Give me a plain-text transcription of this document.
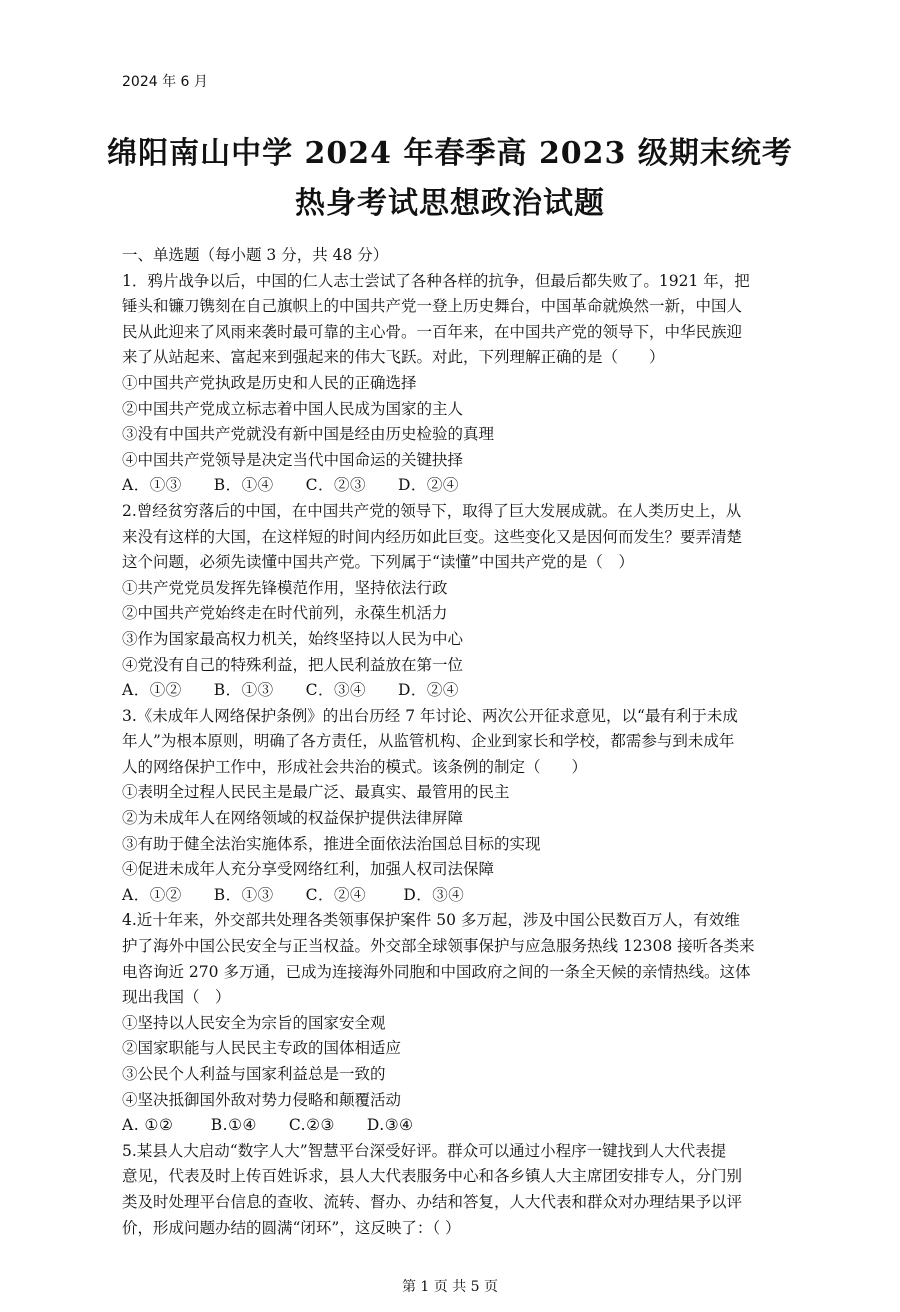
2024 年 6 月
绵阳南山中学 2024 年春季高 2023 级期末统考
热身考试思想政治试题
一、单选题（每小题 3 分，共 48 分）
1．鸦片战争以后，中国的仁人志士尝试了各种各样的抗争，但最后都失败了。1921 年，把
锤头和镰刀镌刻在自己旗帜上的中国共产党一登上历史舞台，中国革命就焕然一新，中国人
民从此迎来了风雨来袭时最可靠的主心骨。一百年来，在中国共产党的领导下，中华民族迎
来了从站起来、富起来到强起来的伟大飞跃。对此，下列理解正确的是（　　）
①中国共产党执政是历史和人民的正确选择
②中国共产党成立标志着中国人民成为国家的主人
③没有中国共产党就没有新中国是经由历史检验的真理
④中国共产党领导是决定当代中国命运的关键抉择
A．①③　　B．①④　　C．②③　　D．②④
2.曾经贫穷落后的中国，在中国共产党的领导下，取得了巨大发展成就。在人类历史上，从
来没有这样的大国，在这样短的时间内经历如此巨变。这些变化又是因何而发生？要弄清楚
这个问题，必须先读懂中国共产党。下列属于“读懂”中国共产党的是（　）
①共产党党员发挥先锋模范作用，坚持依法行政
②中国共产党始终走在时代前列，永葆生机活力
③作为国家最高权力机关，始终坚持以人民为中心
④党没有自己的特殊利益，把人民利益放在第一位
A．①②　　B．①③　　C．③④　　D．②④
3.《未成年人网络保护条例》的出台历经 7 年讨论、两次公开征求意见，以“最有利于未成
年人”为根本原则，明确了各方责任，从监管机构、企业到家长和学校，都需参与到未成年
人的网络保护工作中，形成社会共治的模式。该条例的制定（　　）
①表明全过程人民民主是最广泛、最真实、最管用的民主
②为未成年人在网络领域的权益保护提供法律屏障
③有助于健全法治实施体系，推进全面依法治国总目标的实现
④促进未成年人充分享受网络红利，加强人权司法保障
A．①②　　B．①③　　C．②④　　 D．③④
4.近十年来，外交部共处理各类领事保护案件 50 多万起，涉及中国公民数百万人，有效维
护了海外中国公民安全与正当权益。外交部全球领事保护与应急服务热线 12308 接听各类来
电咨询近 270 多万通，已成为连接海外同胞和中国政府之间的一条全天候的亲情热线。这体
现出我国（　）
①坚持以人民安全为宗旨的国家安全观
②国家职能与人民民主专政的国体相适应
③公民个人利益与国家利益总是一致的
④坚决抵御国外敌对势力侵略和颠覆活动
A. ①②　　 B.①④　　C.②③　　D.③④
5.某县人大启动“数字人大”智慧平台深受好评。群众可以通过小程序一键找到人大代表提
意见，代表及时上传百姓诉求，县人大代表服务中心和各乡镇人大主席团安排专人，分门别
类及时处理平台信息的查收、流转、督办、办结和答复，人大代表和群众对办理结果予以评
价，形成问题办结的圆满“闭环”，这反映了：（ ）
第 1 页 共 5 页
